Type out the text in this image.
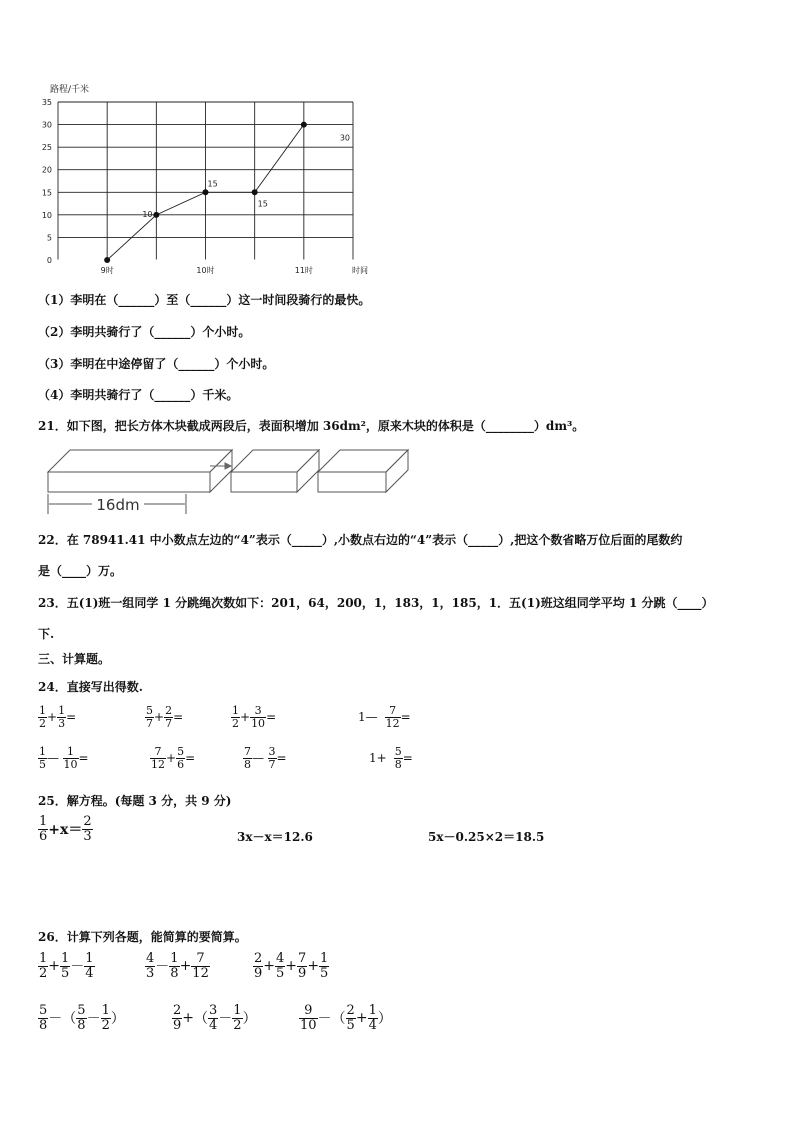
路程/千米
0
5
10
15
20
25
30
35
9时	10时	11时	时间
10
15
15
30
（1）李明在（______）至（______）这一时间段骑行的最快。
（2）李明共骑行了（______）个小时。
（3）李明在中途停留了（______）个小时。
（4）李明共骑行了（______）千米。
21．如下图，把长方体木块截成两段后，表面积增加 36dm²，原来木块的体积是（________）dm³。
16dm
22．在 78941.41 中小数点左边的“4”表示（_____）,小数点右边的“4”表示（_____）,把这个数省略万位后面的尾数约
是（____）万。
23．五(1)班一组同学 1 分跳绳次数如下：201，64，200，1，183，1，185，1．五(1)班这组同学平均 1 分跳（____）
下.
三、计算题。
24．直接写出得数.
$\frac{1}{2} + \frac{1}{3}$ =	$\frac{5}{7} + \frac{2}{7}$ =	$\frac{1}{2} + \frac{3}{10}$ =	1— $\frac{7}{12}$ =
$\frac{1}{5}$ — $\frac{1}{10}$ =	$\frac{7}{12} + \frac{5}{6}$ =	$\frac{7}{8}$ — $\frac{3}{7}$ =	$1+ \frac{5}{8}$ =
25．解方程。(每题 3 分，共 9 分)
$\frac{1}{6} +x= \frac{2}{3}$	3x－x＝12.6	5x－0.25×2＝18.5
26．计算下列各题，能简算的要简算。
$\frac{1}{2} + \frac{1}{5} - \frac{1}{4}$	$\frac{4}{3} - \frac{1}{8} + \frac{7}{12}$	$\frac{2}{9} + \frac{4}{5} + \frac{7}{9} + \frac{1}{5}$
$\frac{5}{8}$ －（ $\frac{5}{8} - \frac{1}{2}$ ）	$\frac{2}{9}$ +（ $\frac{3}{4} - \frac{1}{2}$ ）	$\frac{9}{10}$ －（ $\frac{2}{5} + \frac{1}{4}$ ）
